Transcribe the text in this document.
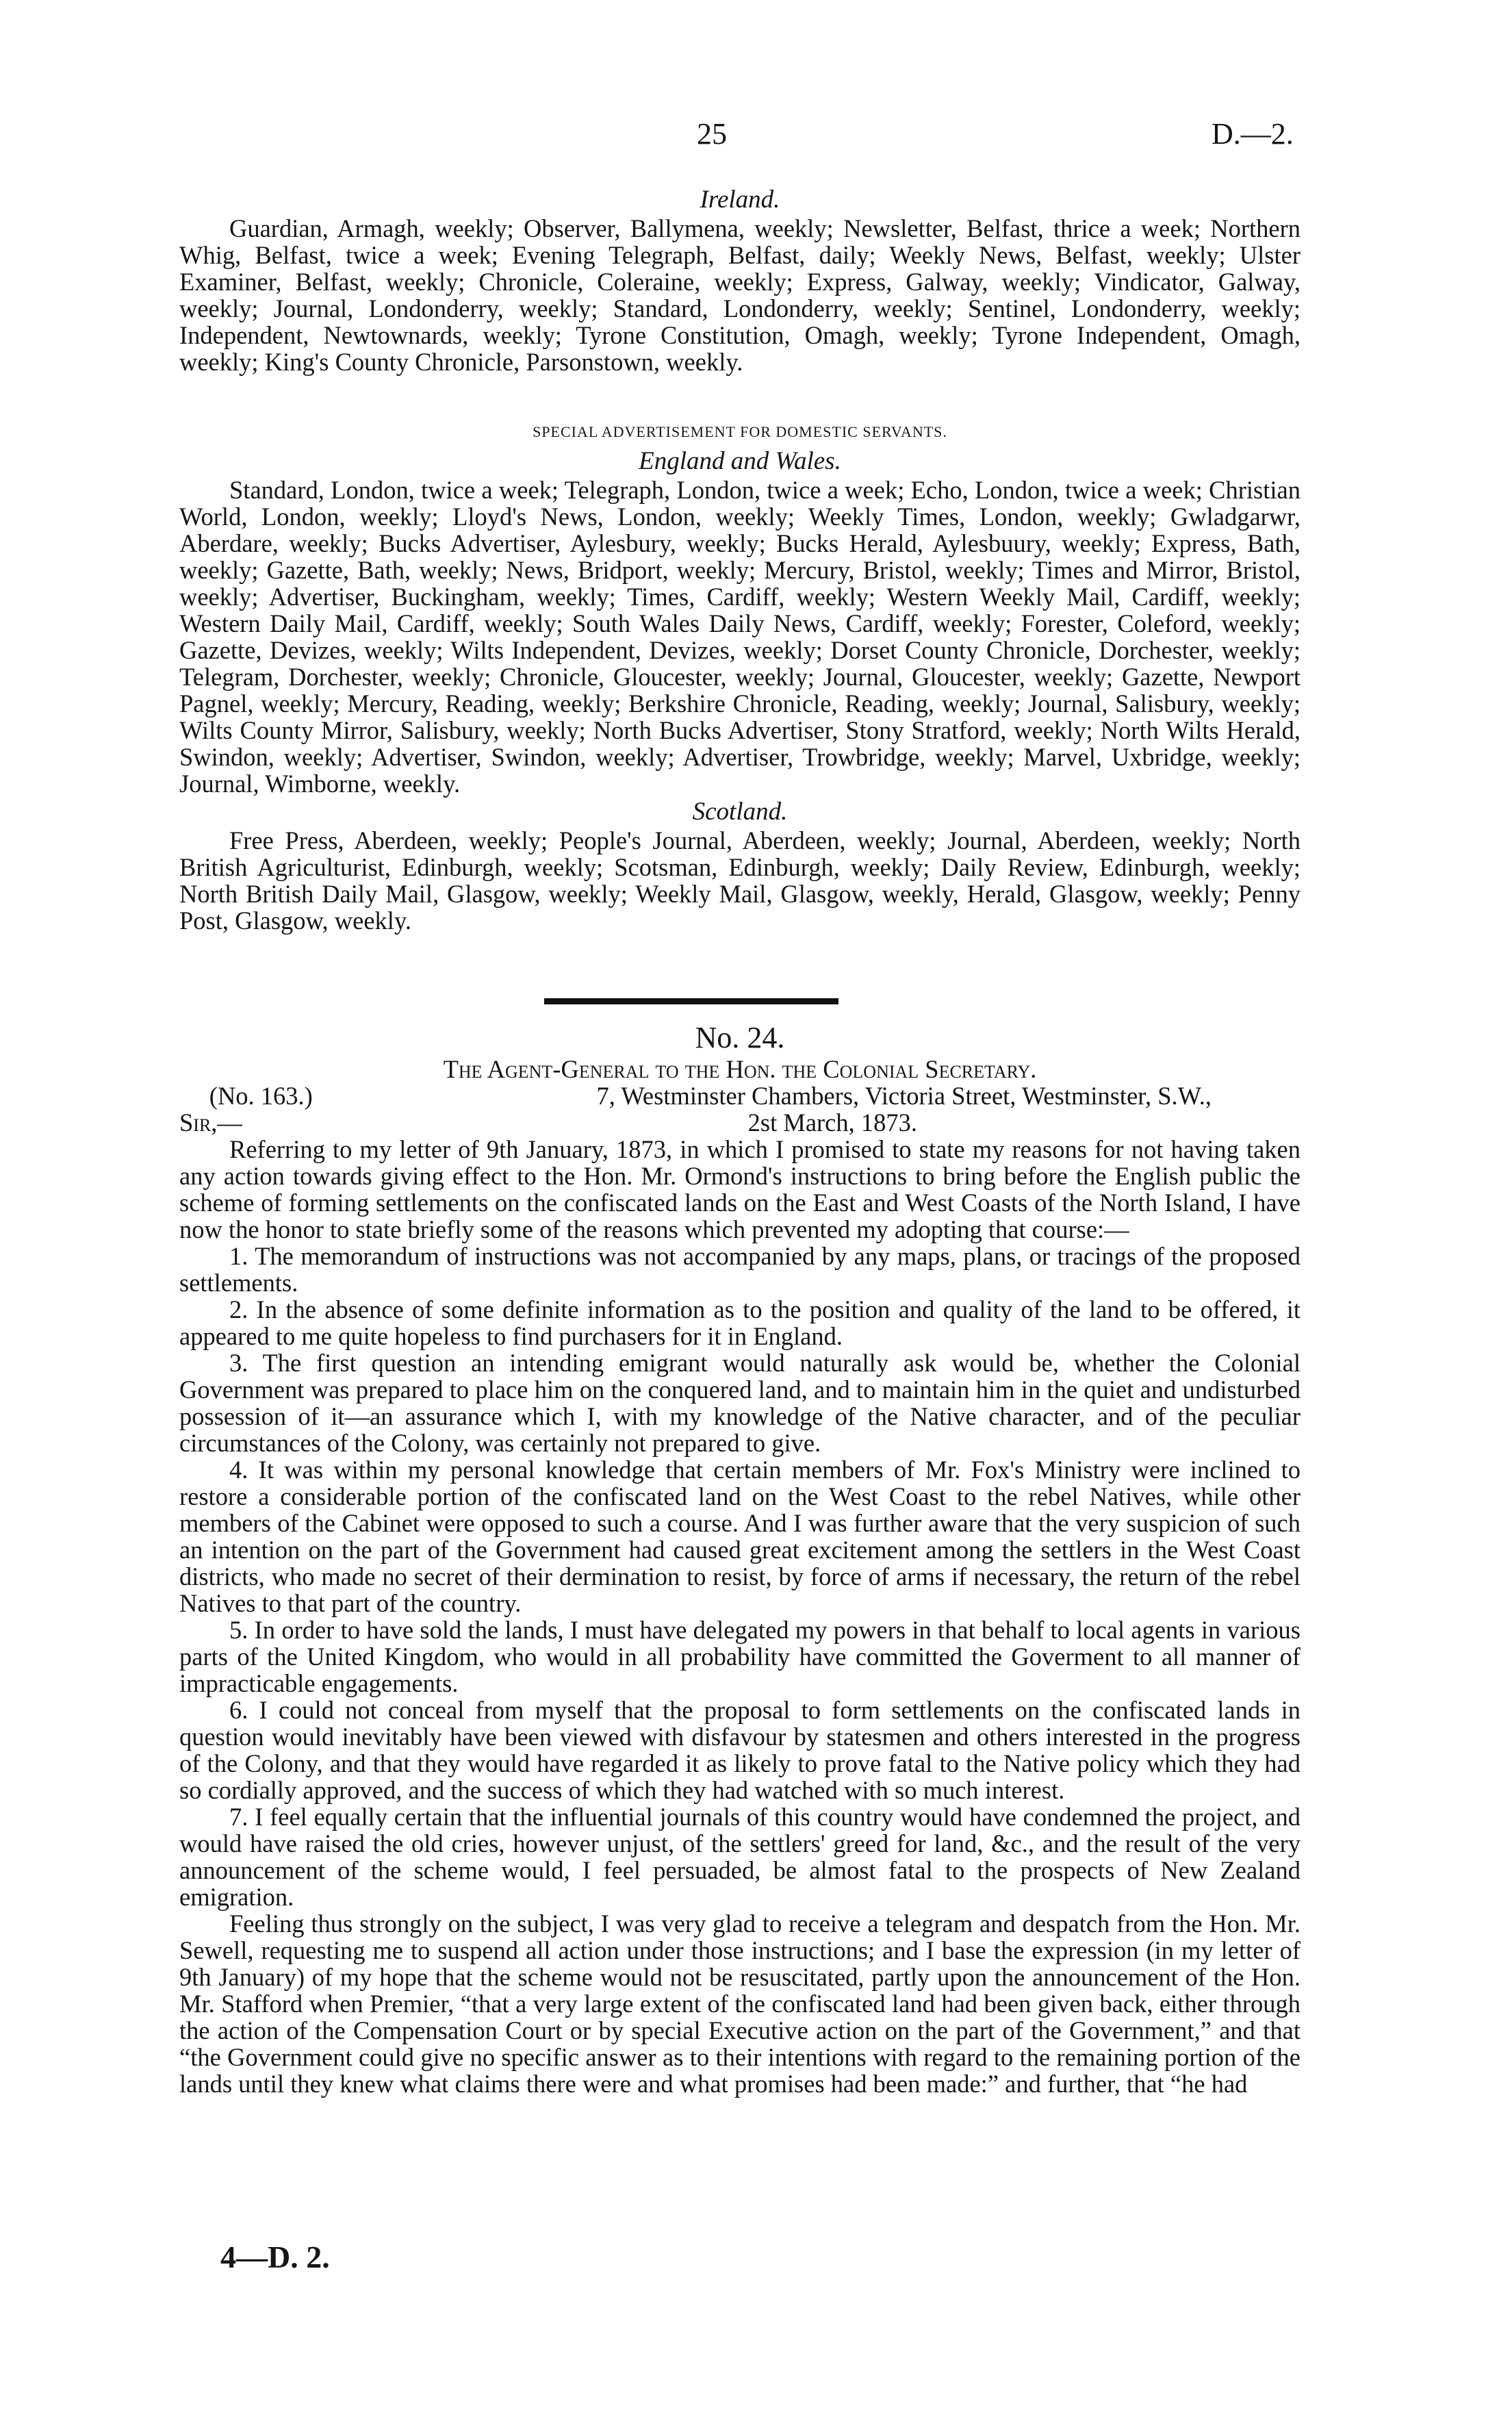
25	D.—2.

Ireland.

Guardian, Armagh, weekly; Observer, Ballymena, weekly; Newsletter, Belfast, thrice a week; Northern Whig, Belfast, twice a week; Evening Telegraph, Belfast, daily; Weekly News, Belfast, weekly; Ulster Examiner, Belfast, weekly; Chronicle, Coleraine, weekly; Express, Galway, weekly; Vindicator, Galway, weekly; Journal, Londonderry, weekly; Standard, Londonderry, weekly; Sentinel, Londonderry, weekly; Independent, Newtownards, weekly; Tyrone Constitution, Omagh, weekly; Tyrone Independent, Omagh, weekly; King's County Chronicle, Parsonstown, weekly.

SPECIAL ADVERTISEMENT FOR DOMESTIC SERVANTS.

England and Wales.

Standard, London, twice a week; Telegraph, London, twice a week; Echo, London, twice a week; Christian World, London, weekly; Lloyd's News, London, weekly; Weekly Times, London, weekly; Gwladgarwr, Aberdare, weekly; Bucks Advertiser, Aylesbury, weekly; Bucks Herald, Aylesbuury, weekly; Express, Bath, weekly; Gazette, Bath, weekly; News, Bridport, weekly; Mercury, Bristol, weekly; Times and Mirror, Bristol, weekly; Advertiser, Buckingham, weekly; Times, Cardiff, weekly; Western Weekly Mail, Cardiff, weekly; Western Daily Mail, Cardiff, weekly; South Wales Daily News, Cardiff, weekly; Forester, Coleford, weekly; Gazette, Devizes, weekly; Wilts Independent, Devizes, weekly; Dorset County Chronicle, Dorchester, weekly; Telegram, Dorchester, weekly; Chronicle, Gloucester, weekly; Journal, Gloucester, weekly; Gazette, Newport Pagnel, weekly; Mercury, Reading, weekly; Berkshire Chronicle, Reading, weekly; Journal, Salisbury, weekly; Wilts County Mirror, Salisbury, weekly; North Bucks Advertiser, Stony Stratford, weekly; North Wilts Herald, Swindon, weekly; Advertiser, Swindon, weekly; Advertiser, Trowbridge, weekly; Marvel, Uxbridge, weekly; Journal, Wimborne, weekly.

Scotland.

Free Press, Aberdeen, weekly; People's Journal, Aberdeen, weekly; Journal, Aberdeen, weekly; North British Agriculturist, Edinburgh, weekly; Scotsman, Edinburgh, weekly; Daily Review, Edinburgh, weekly; North British Daily Mail, Glasgow, weekly; Weekly Mail, Glasgow, weekly, Herald, Glasgow, weekly; Penny Post, Glasgow, weekly.

No. 24.

The Agent-General to the Hon. the Colonial Secretary.

(No. 163.)	7, Westminster Chambers, Victoria Street, Westminster, S.W.,
Sir,—	2st March, 1873.

Referring to my letter of 9th January, 1873, in which I promised to state my reasons for not having taken any action towards giving effect to the Hon. Mr. Ormond's instructions to bring before the English public the scheme of forming settlements on the confiscated lands on the East and West Coasts of the North Island, I have now the honor to state briefly some of the reasons which prevented my adopting that course:—

1. The memorandum of instructions was not accompanied by any maps, plans, or tracings of the proposed settlements.

2. In the absence of some definite information as to the position and quality of the land to be offered, it appeared to me quite hopeless to find purchasers for it in England.

3. The first question an intending emigrant would naturally ask would be, whether the Colonial Government was prepared to place him on the conquered land, and to maintain him in the quiet and undisturbed possession of it—an assurance which I, with my knowledge of the Native character, and of the peculiar circumstances of the Colony, was certainly not prepared to give.

4. It was within my personal knowledge that certain members of Mr. Fox's Ministry were inclined to restore a considerable portion of the confiscated land on the West Coast to the rebel Natives, while other members of the Cabinet were opposed to such a course. And I was further aware that the very suspicion of such an intention on the part of the Government had caused great excitement among the settlers in the West Coast districts, who made no secret of their dermination to resist, by force of arms if necessary, the return of the rebel Natives to that part of the country.

5. In order to have sold the lands, I must have delegated my powers in that behalf to local agents in various parts of the United Kingdom, who would in all probability have committed the Goverment to all manner of impracticable engagements.

6. I could not conceal from myself that the proposal to form settlements on the confiscated lands in question would inevitably have been viewed with disfavour by statesmen and others interested in the progress of the Colony, and that they would have regarded it as likely to prove fatal to the Native policy which they had so cordially approved, and the success of which they had watched with so much interest.

7. I feel equally certain that the influential journals of this country would have condemned the project, and would have raised the old cries, however unjust, of the settlers' greed for land, &c., and the result of the very announcement of the scheme would, I feel persuaded, be almost fatal to the prospects of New Zealand emigration.

Feeling thus strongly on the subject, I was very glad to receive a telegram and despatch from the Hon. Mr. Sewell, requesting me to suspend all action under those instructions; and I base the expression (in my letter of 9th January) of my hope that the scheme would not be resuscitated, partly upon the announcement of the Hon. Mr. Stafford when Premier, “that a very large extent of the confiscated land had been given back, either through the action of the Compensation Court or by special Executive action on the part of the Government,” and that “the Government could give no specific answer as to their intentions with regard to the remaining portion of the lands until they knew what claims there were and what promises had been made:” and further, that “he had

4—D. 2.
